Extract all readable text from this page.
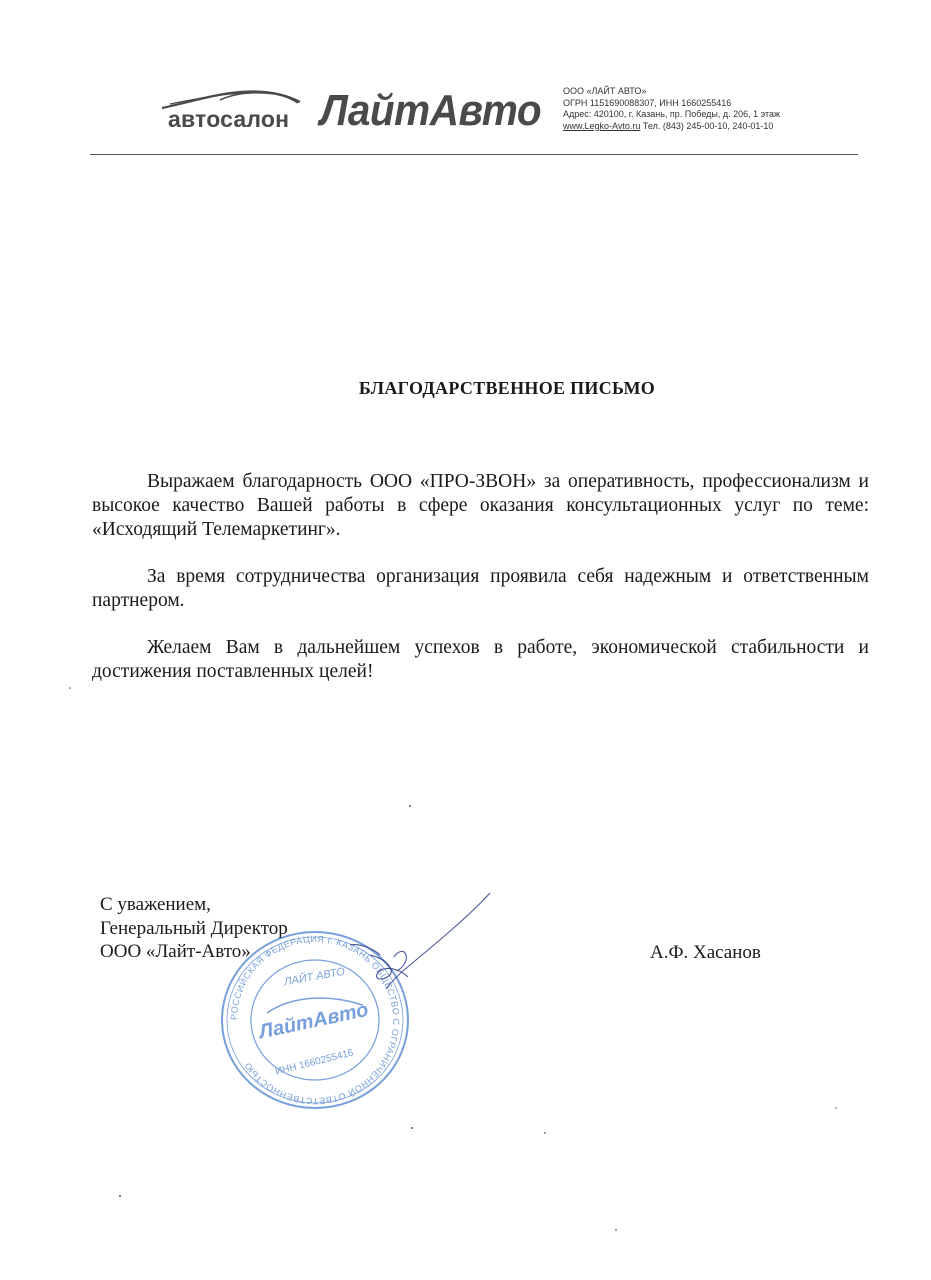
автосалон ЛайтАвто ООО «ЛАЙТ АВТО»
ОГРН 1151690088307, ИНН 1660255416
Адрес: 420100, г. Казань, пр. Победы, д. 206, 1 этаж
www.Legko-Avto.ru Тел. (843) 245-00-10, 240-01-10
БЛАГОДАРСТВЕННОЕ ПИСЬМО

Выражаем благодарность ООО «ПРО-ЗВОН» за оперативность, профессионализм и высокое качество Вашей работы в сфере оказания консультационных услуг по теме: «Исходящий Телемаркетинг».

За время сотрудничества организация проявила себя надежным и ответственным партнером.

Желаем Вам в дальнейшем успехов в работе, экономической стабильности и достижения поставленных целей!

С уважением,
Генеральный Директор
ООО «Лайт-Авто»	А.Ф. Хасанов
РОССИЙСКАЯ ФЕДЕРАЦИЯ г. КАЗАНЬ ОБЩЕСТВО С ОГРАНИЧЕННОЙ ОТВЕТСТВЕННОСТЬЮ
ЛАЙТ АВТО
ЛайтАвто
ИНН 1660255416
